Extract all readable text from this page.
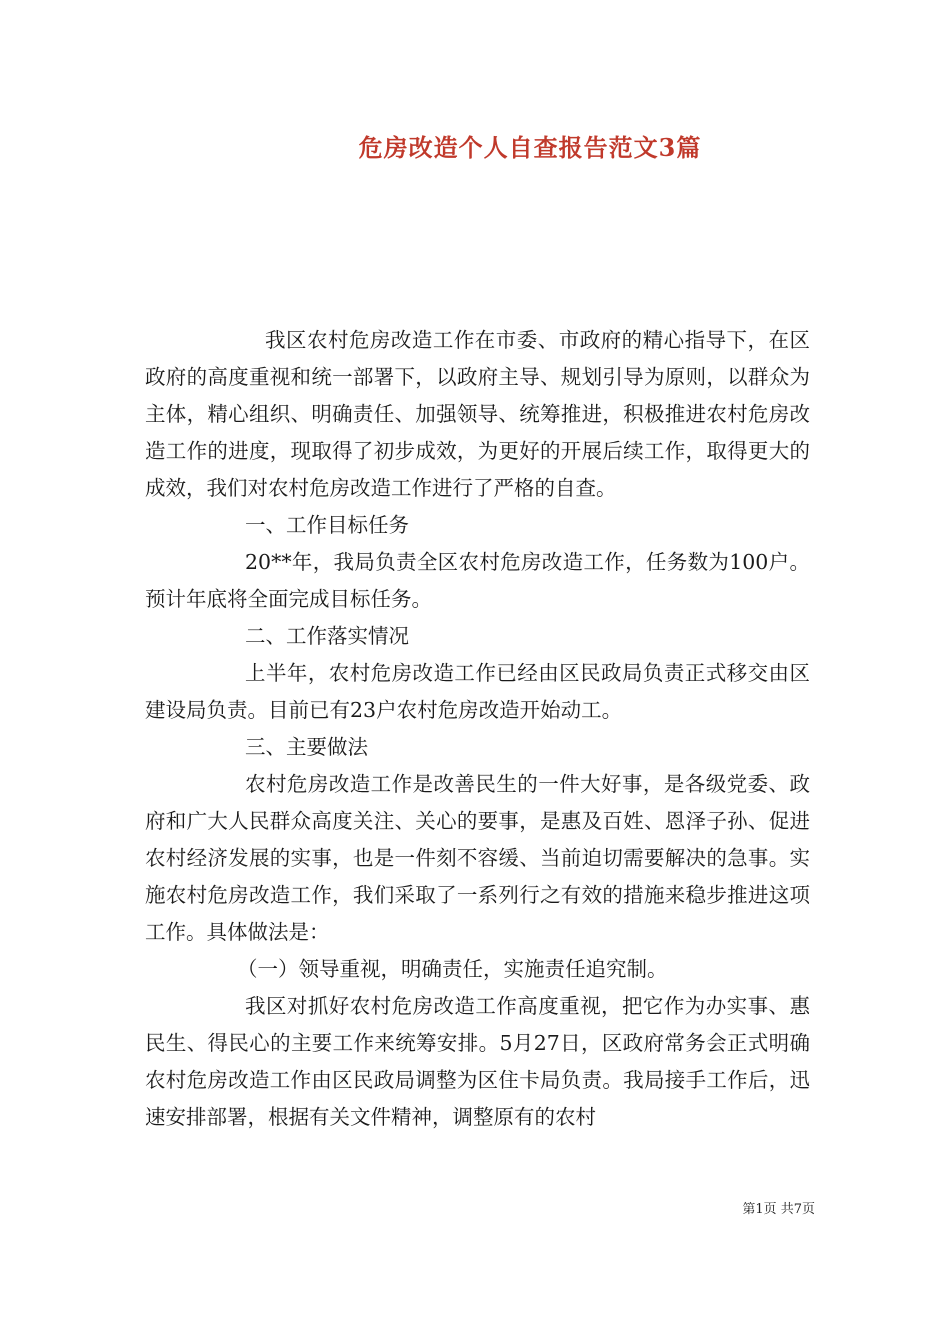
危房改造个人自查报告范文3篇

我区农村危房改造工作在市委、市政府的精心指导下，在区政府的高度重视和统一部署下，以政府主导、规划引导为原则，以群众为主体，精心组织、明确责任、加强领导、统筹推进，积极推进农村危房改造工作的进度，现取得了初步成效，为更好的开展后续工作，取得更大的成效，我们对农村危房改造工作进行了严格的自查。

一、工作目标任务

20**年，我局负责全区农村危房改造工作，任务数为100户。预计年底将全面完成目标任务。

二、工作落实情况

上半年，农村危房改造工作已经由区民政局负责正式移交由区建设局负责。目前已有23户农村危房改造开始动工。

三、主要做法

农村危房改造工作是改善民生的一件大好事，是各级党委、政府和广大人民群众高度关注、关心的要事，是惠及百姓、恩泽子孙、促进农村经济发展的实事，也是一件刻不容缓、当前迫切需要解决的急事。实施农村危房改造工作，我们采取了一系列行之有效的措施来稳步推进这项工作。具体做法是：

（一）领导重视，明确责任，实施责任追究制。

我区对抓好农村危房改造工作高度重视，把它作为办实事、惠民生、得民心的主要工作来统筹安排。5月27日，区政府常务会正式明确农村危房改造工作由区民政局调整为区住卡局负责。我局接手工作后，迅速安排部署，根据有关文件精神，调整原有的农村

第1页 共7页
